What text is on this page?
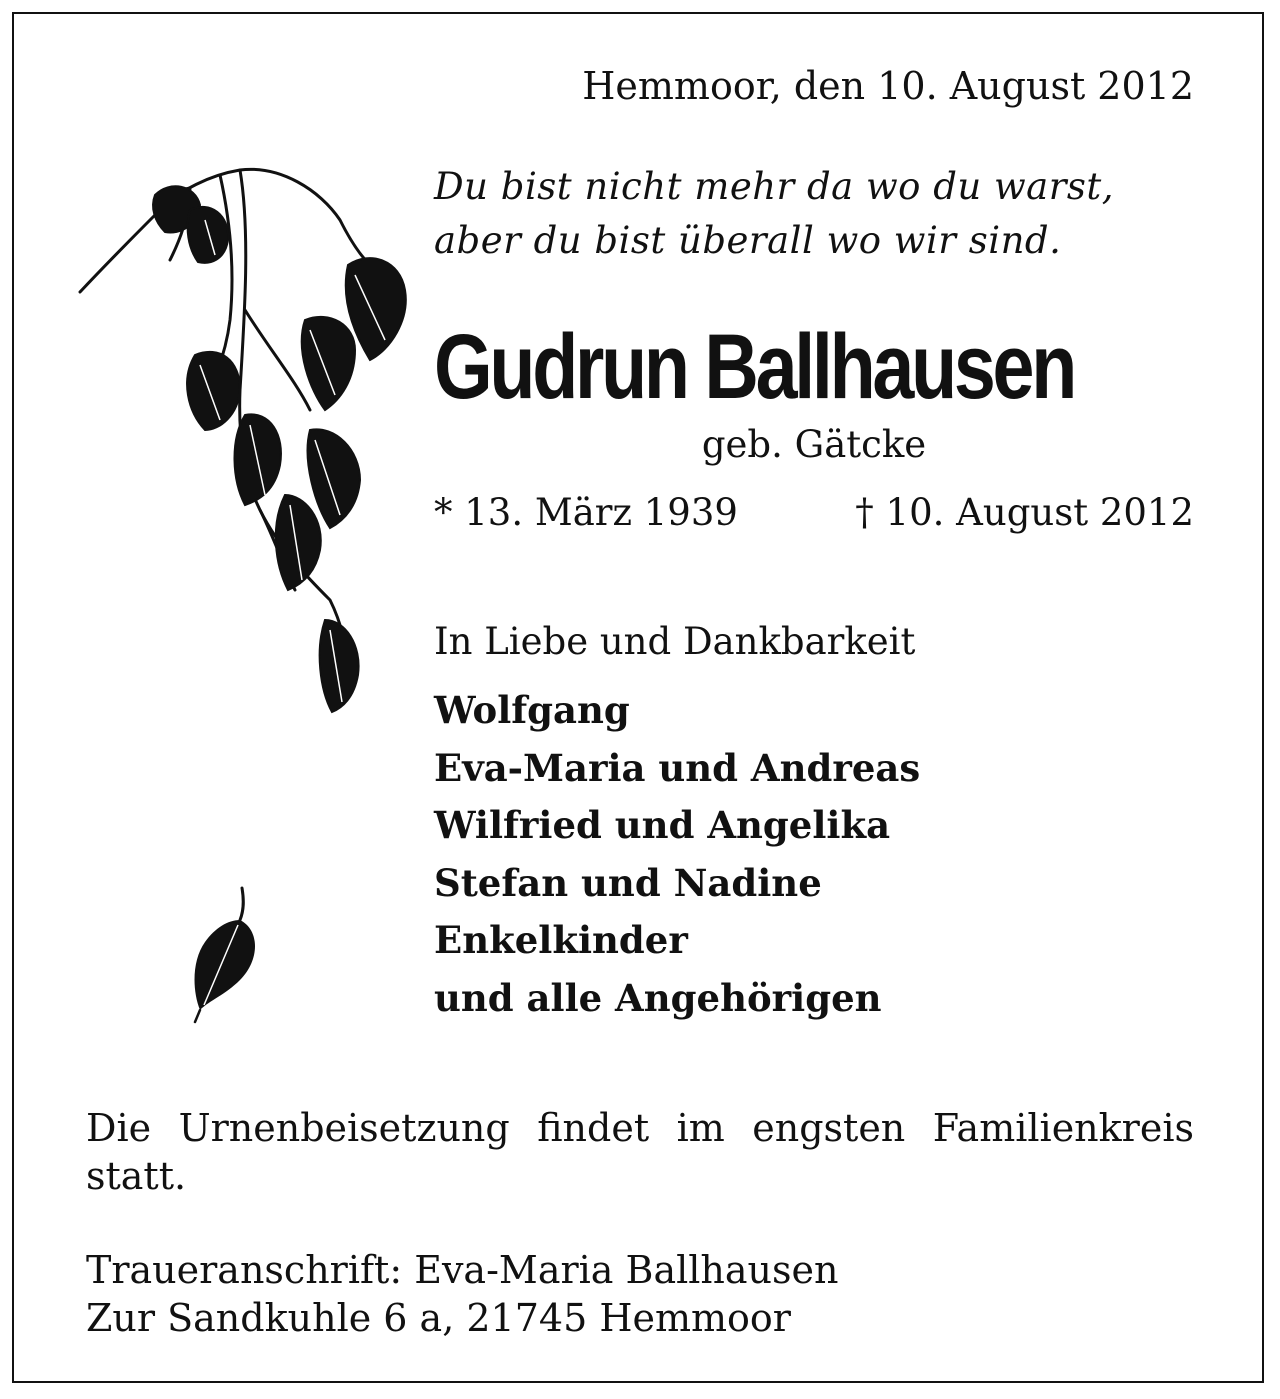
Hemmoor, den 10. August 2012
Du bist nicht mehr da wo du warst,
aber du bist überall wo wir sind.
Gudrun Ballhausen
geb. Gätcke
* 13. März 1939	† 10. August 2012
In Liebe und Dankbarkeit
Wolfgang
Eva-Maria und Andreas
Wilfried und Angelika
Stefan und Nadine
Enkelkinder
und alle Angehörigen
Die Urnenbeisetzung findet im engsten Familienkreis statt.
Traueranschrift: Eva-Maria Ballhausen
Zur Sandkuhle 6 a, 21745 Hemmoor
